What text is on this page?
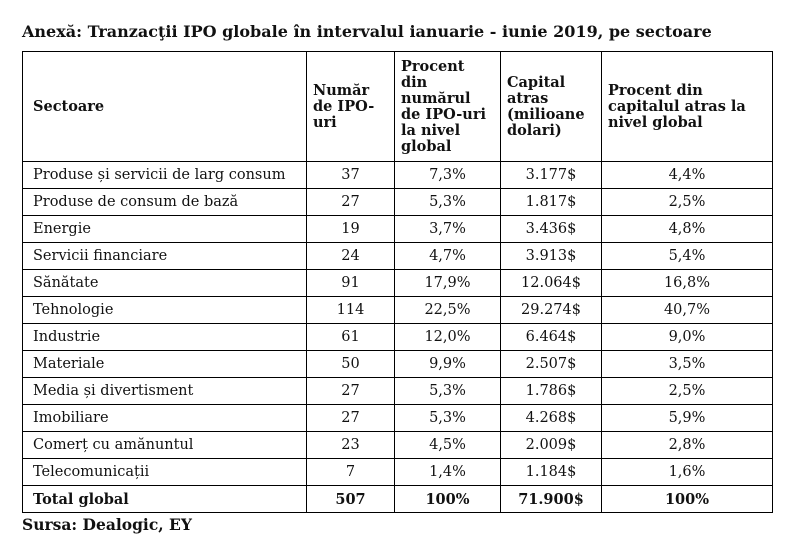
Anexă: Tranzacţii IPO globale în intervalul ianuarie - iunie 2019, pe sectoare
Sectoare	Număr de IPO-uri	Procent din numărul de IPO-uri la nivel global	Capital atras (milioane dolari)	Procent din capitalul atras la nivel global
Produse și servicii de larg consum	37	7,3%	3.177$	4,4%
Produse de consum de bază	27	5,3%	1.817$	2,5%
Energie	19	3,7%	3.436$	4,8%
Servicii financiare	24	4,7%	3.913$	5,4%
Sănătate	91	17,9%	12.064$	16,8%
Tehnologie	114	22,5%	29.274$	40,7%
Industrie	61	12,0%	6.464$	9,0%
Materiale	50	9,9%	2.507$	3,5%
Media și divertisment	27	5,3%	1.786$	2,5%
Imobiliare	27	5,3%	4.268$	5,9%
Comerț cu amănuntul	23	4,5%	2.009$	2,8%
Telecomunicații	7	1,4%	1.184$	1,6%
Total global	507	100%	71.900$	100%
Sursa: Dealogic, EY
